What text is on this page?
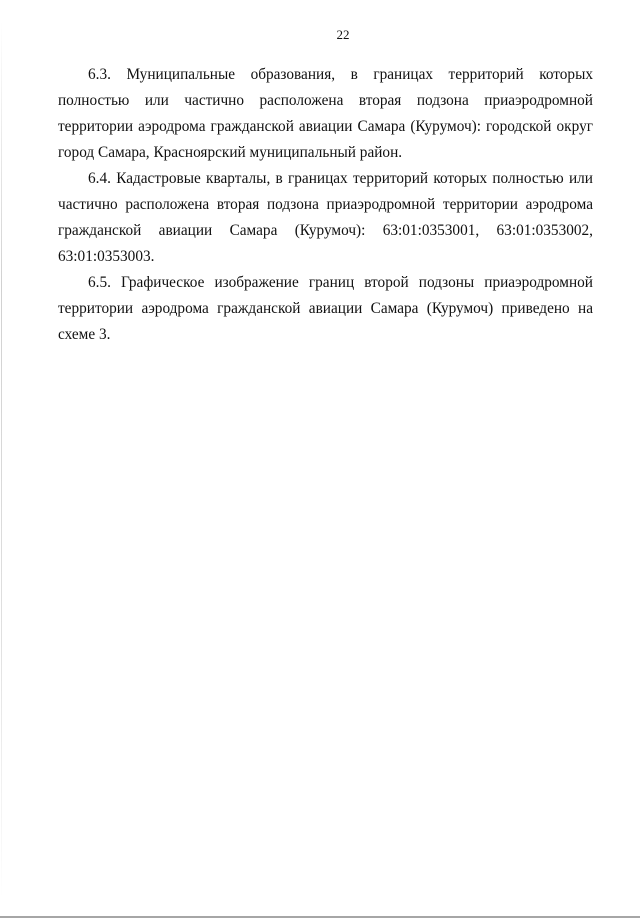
22

6.3. Муниципальные образования, в границах территорий которых полностью или частично расположена вторая подзона приаэродромной территории аэродрома гражданской авиации Самара (Курумоч): городской округ город Самара, Красноярский муниципальный район.

6.4. Кадастровые кварталы, в границах территорий которых полностью или частично расположена вторая подзона приаэродромной территории аэродрома гражданской авиации Самара (Курумоч): 63:01:0353001, 63:01:0353002, 63:01:0353003.

6.5. Графическое изображение границ второй подзоны приаэродромной территории аэродрома гражданской авиации Самара (Курумоч) приведено на схеме 3.
